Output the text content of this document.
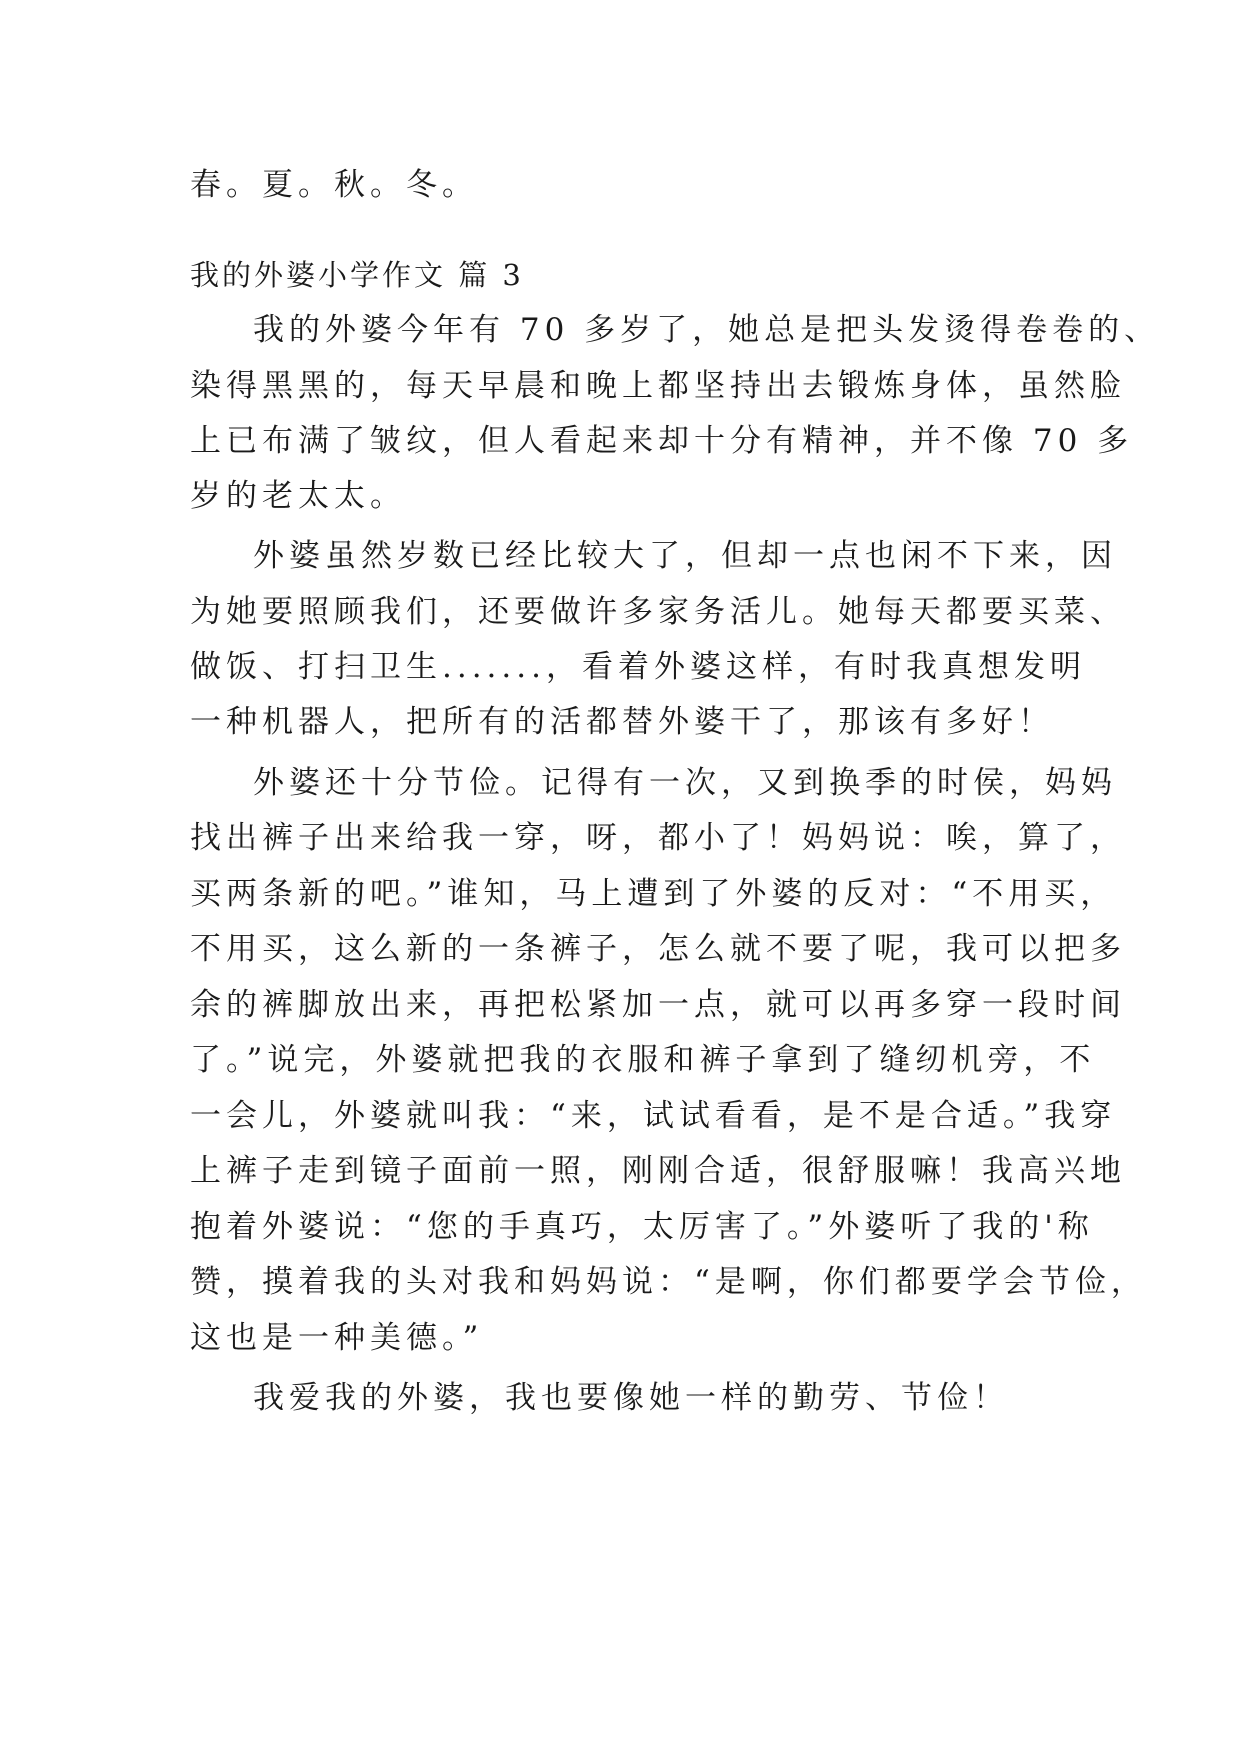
春。夏。秋。冬。
我的外婆小学作文 篇 3
我的外婆今年有 70 多岁了，她总是把头发烫得卷卷的、
染得黑黑的，每天早晨和晚上都坚持出去锻炼身体，虽然脸
上已布满了皱纹，但人看起来却十分有精神，并不像 70 多
岁的老太太。
外婆虽然岁数已经比较大了，但却一点也闲不下来，因
为她要照顾我们，还要做许多家务活儿。她每天都要买菜、
做饭、打扫卫生.......，看着外婆这样，有时我真想发明
一种机器人，把所有的活都替外婆干了，那该有多好！
外婆还十分节俭。记得有一次，又到换季的时侯，妈妈
找出裤子出来给我一穿，呀，都小了！妈妈说：唉，算了，
买两条新的吧。”谁知，马上遭到了外婆的反对：“不用买，
不用买，这么新的一条裤子，怎么就不要了呢，我可以把多
余的裤脚放出来，再把松紧加一点，就可以再多穿一段时间
了。”说完，外婆就把我的衣服和裤子拿到了缝纫机旁，不
一会儿，外婆就叫我：“来，试试看看，是不是合适。”我穿
上裤子走到镜子面前一照，刚刚合适，很舒服嘛！我高兴地
抱着外婆说：“您的手真巧，太厉害了。”外婆听了我的'称
赞，摸着我的头对我和妈妈说：“是啊，你们都要学会节俭，
这也是一种美德。”
我爱我的外婆，我也要像她一样的勤劳、节俭！
